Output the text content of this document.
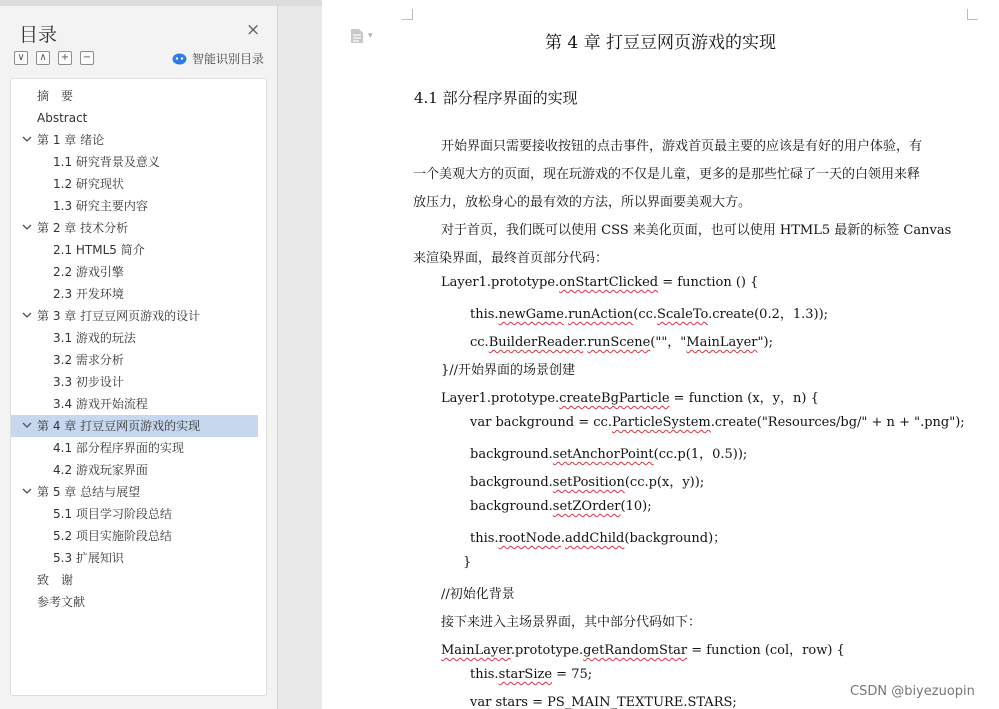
目录	×
∨	∧	+ −	智能识别目录
摘　要
Abstract
第 1 章 绪论
1.1 研究背景及意义
1.2 研究现状
1.3 研究主要内容
第 2 章 技术分析
2.1 HTML5 简介
2.2 游戏引擎
2.3 开发环境
第 3 章 打豆豆网页游戏的设计
3.1 游戏的玩法
3.2 需求分析
3.3 初步设计
3.4 游戏开始流程
第 4 章 打豆豆网页游戏的实现
4.1 部分程序界面的实现
4.2 游戏玩家界面
第 5 章 总结与展望
5.1 项目学习阶段总结
5.2 项目实施阶段总结
5.3 扩展知识
致　谢
参考文献
▾	第 4 章 打豆豆网页游戏的实现
4.1 部分程序界面的实现
开始界面只需要接收按钮的点击事件，游戏首页最主要的应该是有好的用户体验，有
一个美观大方的页面，现在玩游戏的不仅是儿童，更多的是那些忙碌了一天的白领用来释
放压力，放松身心的最有效的方法，所以界面要美观大方。
对于首页，我们既可以使用 CSS 来美化页面，也可以使用 HTML5 最新的标签 Canvas
来渲染界面，最终首页部分代码：
Layer1.prototype.onStartClicked = function () {
this.newGame.runAction(cc.ScaleTo.create(0.2，1.3));
cc.BuilderReader.runScene(""，"MainLayer");
}//开始界面的场景创建
Layer1.prototype.createBgParticle = function (x，y，n) {
var background = cc.ParticleSystem.create("Resources/bg/" + n + ".png");
background.setAnchorPoint(cc.p(1，0.5));
background.setPosition(cc.p(x，y));
background.setZOrder(10);
this.rootNode.addChild(background)；
}
//初始化背景
接下来进入主场景界面，其中部分代码如下：
MainLayer.prototype.getRandomStar = function (col，row) {
this.starSize = 75;
var stars = PS_MAIN_TEXTURE.STARS;
CSDN @biyezuopin
